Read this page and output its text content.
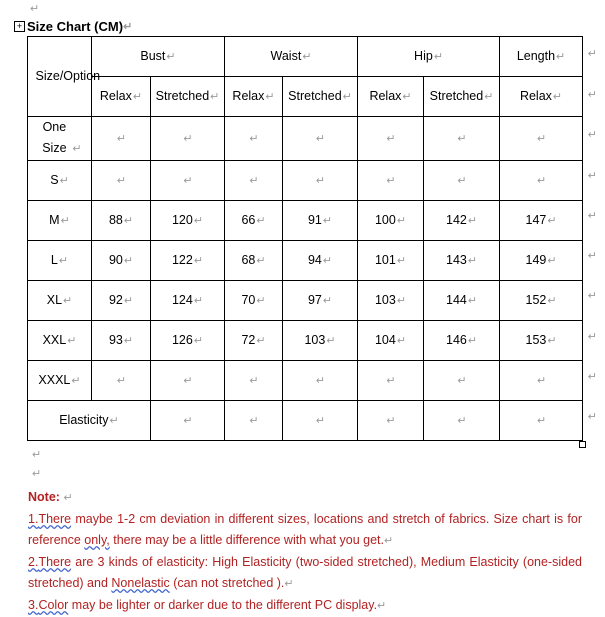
↵
+ Size Chart (CM) ↵
Size/Option	Bust↵		Waist↵		Hip↵		Length↵
	Relax↵	Stretched↵	Relax↵	Stretched↵	Relax↵	Stretched↵	Relax↵
One Size ↵	↵	↵	↵	↵	↵	↵	↵
S↵	↵	↵	↵	↵	↵	↵	↵
M↵	88↵	120↵	66↵	91↵	100↵	142↵	147↵
L↵	90↵	122↵	68↵	94↵	101↵	143↵	149↵
XL↵	92↵	124↵	70↵	97↵	103↵	144↵	152↵
XXL↵	93↵	126↵	72↵	103↵	104↵	146↵	153↵
XXXL↵	↵	↵	↵	↵	↵	↵	↵
Elasticity↵		↵	↵	↵	↵	↵	↵
↵
↵
↵
↵
↵
↵
↵
↵
↵
↵
↵
↵

Note: ↵

1.There maybe 1-2 cm deviation in different sizes, locations and stretch of fabrics. Size chart is for reference only, there may be a little difference with what you get.↵

2.There are 3 kinds of elasticity: High Elasticity (two-sided stretched), Medium Elasticity (one-sided stretched) and Nonelastic (can not stretched ).↵

3.Color may be lighter or darker due to the different PC display.↵
